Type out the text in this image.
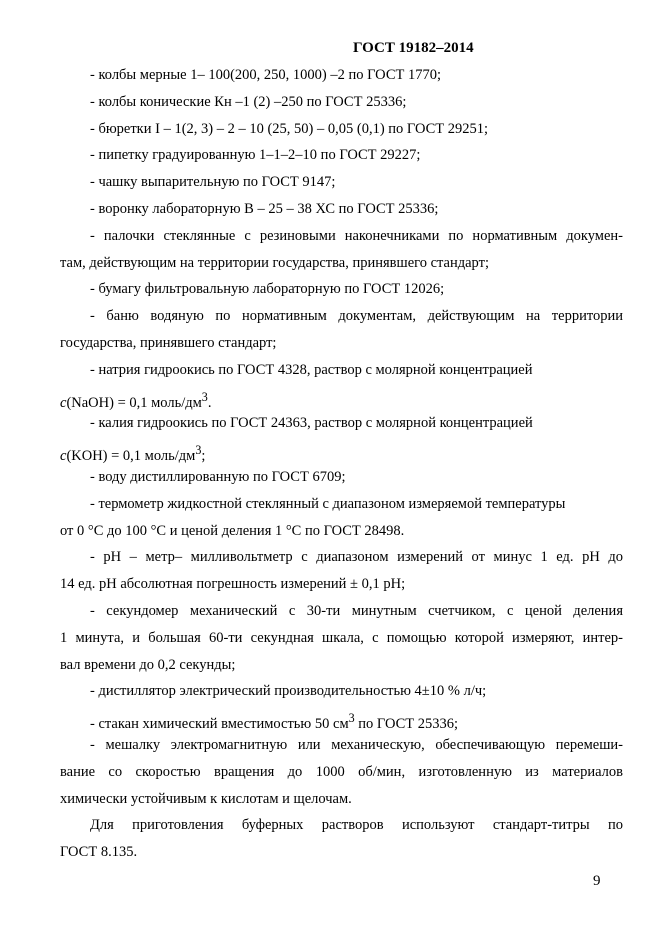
ГОСТ 19182–2014
- колбы мерные 1– 100(200, 250, 1000) –2 по ГОСТ 1770;
- колбы конические Кн –1 (2) –250 по ГОСТ 25336;
- бюретки I – 1(2, 3) – 2 – 10 (25, 50) – 0,05 (0,1) по ГОСТ 29251;
- пипетку градуированную 1–1–2–10 по ГОСТ 29227;
- чашку выпарительную по ГОСТ 9147;
- воронку лабораторную В – 25 – 38 ХС по ГОСТ 25336;
- палочки стеклянные с резиновыми наконечниками по нормативным докумен-
там, действующим на территории государства, принявшего стандарт;
- бумагу фильтровальную лабораторную по ГОСТ 12026;
- баню водяную по нормативным документам, действующим на территории
государства, принявшего стандарт;
- натрия гидроокись по ГОСТ 4328, раствор с молярной концентрацией
c(NaOH) = 0,1 моль/$дм^3$.
- калия гидроокись по ГОСТ 24363, раствор с молярной концентрацией
c(KOH) = 0,1 моль/$дм^3$;
- воду дистиллированную по ГОСТ 6709;
- термометр жидкостной стеклянный с диапазоном измеряемой температуры
от 0 °С до 100 °С и ценой деления 1 °С по ГОСТ 28498.
- рН – метр– милливольтметр с диапазоном измерений от минус 1 ед. рН до
14 ед. рН абсолютная погрешность измерений ± 0,1 рН;
- секундомер механический с 30-ти минутным счетчиком, с ценой деления
1 минута, и большая 60-ти секундная шкала, с помощью которой измеряют, интер-
вал времени до 0,2 секунды;
- дистиллятор электрический производительностью 4±10 % л/ч;
- стакан химический вместимостью 50 $см^3$ по ГОСТ 25336;
- мешалку электромагнитную или механическую, обеспечивающую перемеши-
вание со скоростью вращения до 1000 об/мин, изготовленную из материалов
химически устойчивым к кислотам и щелочам.
Для приготовления буферных растворов используют стандарт-титры по
ГОСТ 8.135.
9
